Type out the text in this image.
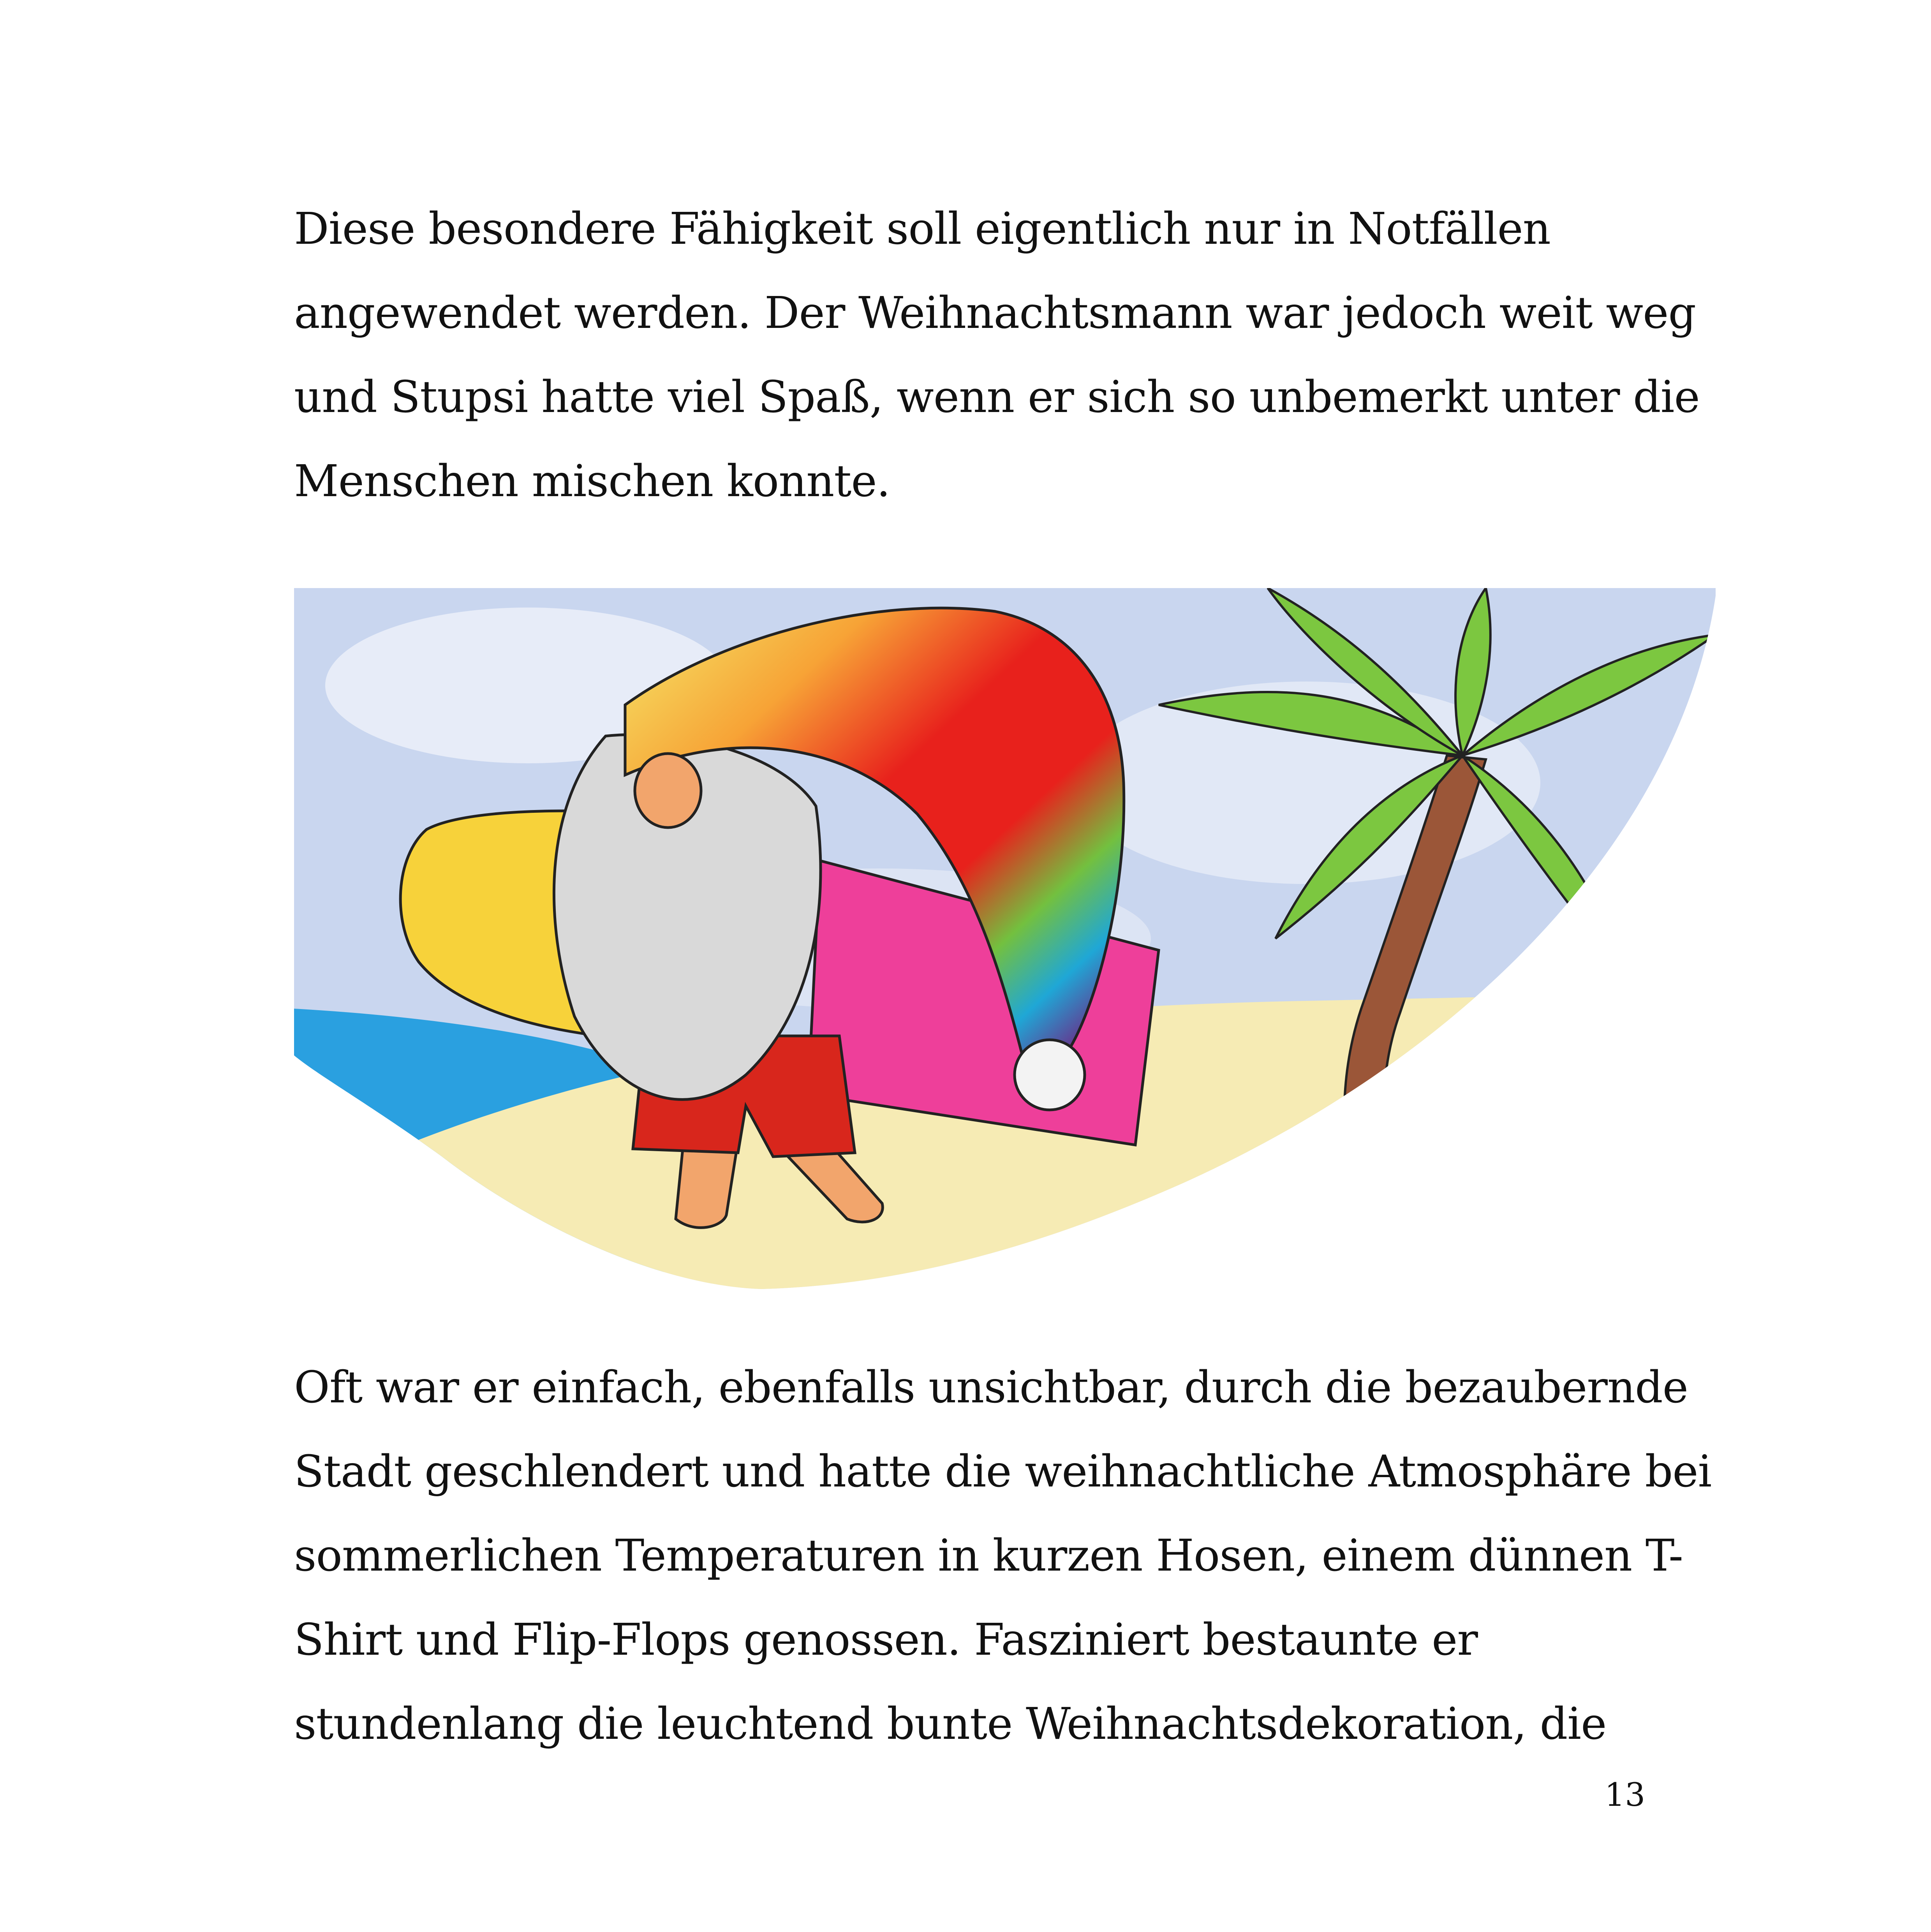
Diese besondere Fähigkeit soll eigentlich nur in Notfällen
angewendet werden. Der Weihnachtsmann war jedoch weit weg
und Stupsi hatte viel Spaß, wenn er sich so unbemerkt unter die
Menschen mischen konnte.
Oft war er einfach, ebenfalls unsichtbar, durch die bezaubernde
Stadt geschlendert und hatte die weihnachtliche Atmosphäre bei
sommerlichen Temperaturen in kurzen Hosen, einem dünnen T-
Shirt und Flip-Flops genossen. Fasziniert bestaunte er
stundenlang die leuchtend bunte Weihnachtsdekoration, die
13
